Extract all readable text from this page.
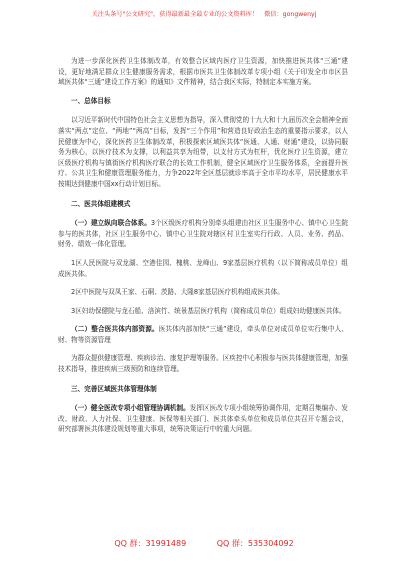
关注头条号"公文研究"，获得最新最全最专业的公文资料库！ 微信：gongwenyj

为进一步深化医药卫生体制改革，有效整合区域内医疗卫生资源，加快推进医共体“三通”建设，更好地满足群众卫生健康服务需求，根据市医共卫生体制改革专项小组《关于印发全市市区县域医共体“三通”建设工作方案》的通知》文件精神，结合我区实际，特制定本实施方案。

一、总体目标

以习近平新时代中国特色社会主义思想为指导，深入贯彻党的十九大和十九届历次全会精神全面落实“两点”定位、“两地”“两高”目标，发挥“三个作用”和营造良好政治生态的重要指示要求，以人民健康为中心，深化医药卫生体制改革，积极探索区域医共体“医通、人通、财通”建设，以协同服务为核心，以医疗技术为支撑，以利益共享为纽带，以支付方式为杠杆，优化医疗卫生资源，建立区级医疗机构与镇街医疗机构医疗联合的长效工作机制，健全区域医疗卫生服务体系，全面提升医疗、公共卫生和健康管理服务能力，力争2022年全区基层就诊率高于全市平均水平，居民健康水平按期达到健康中国xx行动计划目标。

二、医共体组建模式

（一）建立纵向联合体系。3个区级医疗机构分别牵头组建由社区卫生服务中心、镇中心卫生院参与的医共体，社区卫生服务中心、镇中心卫生院对辖区村卫生室实行行政、人员、业务、药品、财务、绩效一体化管理。

1区人民医院与双龙湖、空港佳园、槐桃、龙峰山、9家基层医疗机构（以下简称成员单位）组成医共体。

2区中医院与双凤王家、石硐、茨路、大隆8家基层医疗机构组成医共体。

3区妇幼保健院与龙石船、洛滨竹、统景基层医疗机构（简称成员单位）组成妇幼健康医共体。

（二）整合医共体内部资源。医共体内部加快“三通”建设，牵头单位对成员单位实行集中人、财、物等资源管理

为群众提供健康管理、疾病诊治、康复护理等服务。区疾控中心积极参与医共体健康管理，加强技术指导，推进疾病三级预防和连续管理。

三、完善区域医共体管理体制

（一）健全医改专项小组管理协调机制。发挥区医改专项小组统筹协调作用，定期召集编办、发改、财政、人力社保、卫生健康、医保等相关部门、医共体牵头单位和成员单位共召开专题会议，研究部署医共体建设规划等重大事项，统筹决策运行中的重大问题。

QQ 群：31991489	QQ 群：535304092
